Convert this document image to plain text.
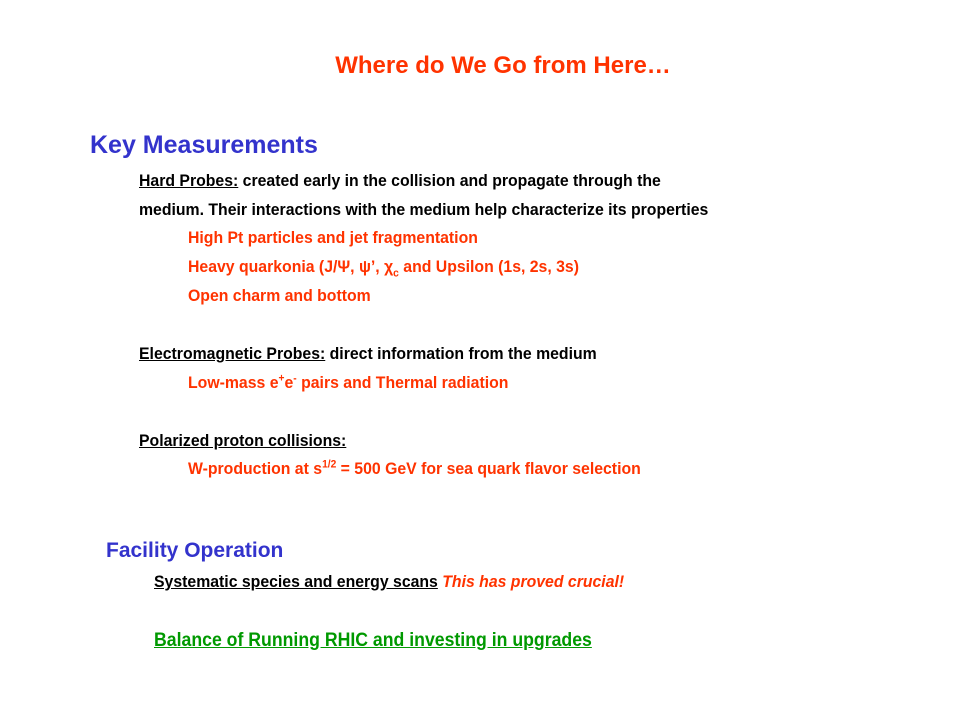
Where do We Go from Here…
Key Measurements
Hard Probes: created early in the collision and propagate through the
medium. Their interactions with the medium help characterize its properties
High Pt particles and jet fragmentation
Heavy quarkonia (J/Ψ, ψ’, $\chi_c$ and Upsilon (1s, 2s, 3s)
Open charm and bottom
Electromagnetic Probes: direct information from the medium
Low-mass e+e- pairs and Thermal radiation
Polarized proton collisions:
W-production at $s^{1/2} = 500$ GeV for sea quark flavor selection
Facility Operation
Systematic species and energy scans This has proved crucial!
Balance of Running RHIC and investing in upgrades
